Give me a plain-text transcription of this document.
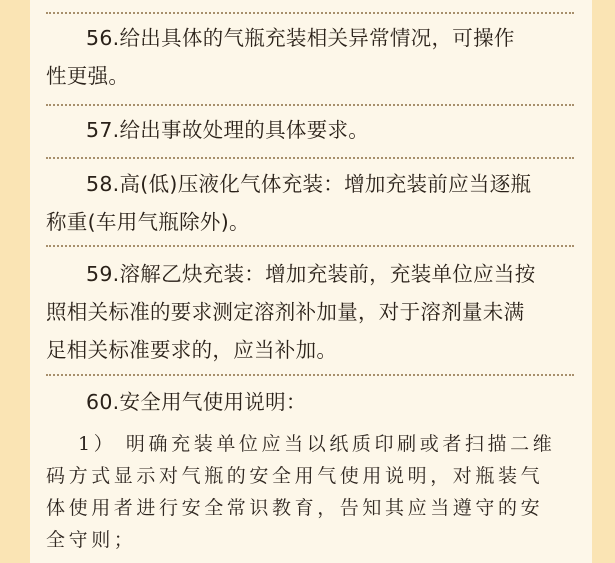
56.给出具体的气瓶充装相关异常情况，可操作

性更强。

57.给出事故处理的具体要求。

58.高(低)压液化气体充装：增加充装前应当逐瓶

称重(车用气瓶除外)。

59.溶解乙炔充装：增加充装前，充装单位应当按

照相关标准的要求测定溶剂补加量，对于溶剂量未满

足相关标准要求的，应当补加。

60.安全用气使用说明：

1） 明确充装单位应当以纸质印刷或者扫描二维

码方式显示对气瓶的安全用气使用说明，对瓶装气

体使用者进行安全常识教育，告知其应当遵守的安

全守则；
